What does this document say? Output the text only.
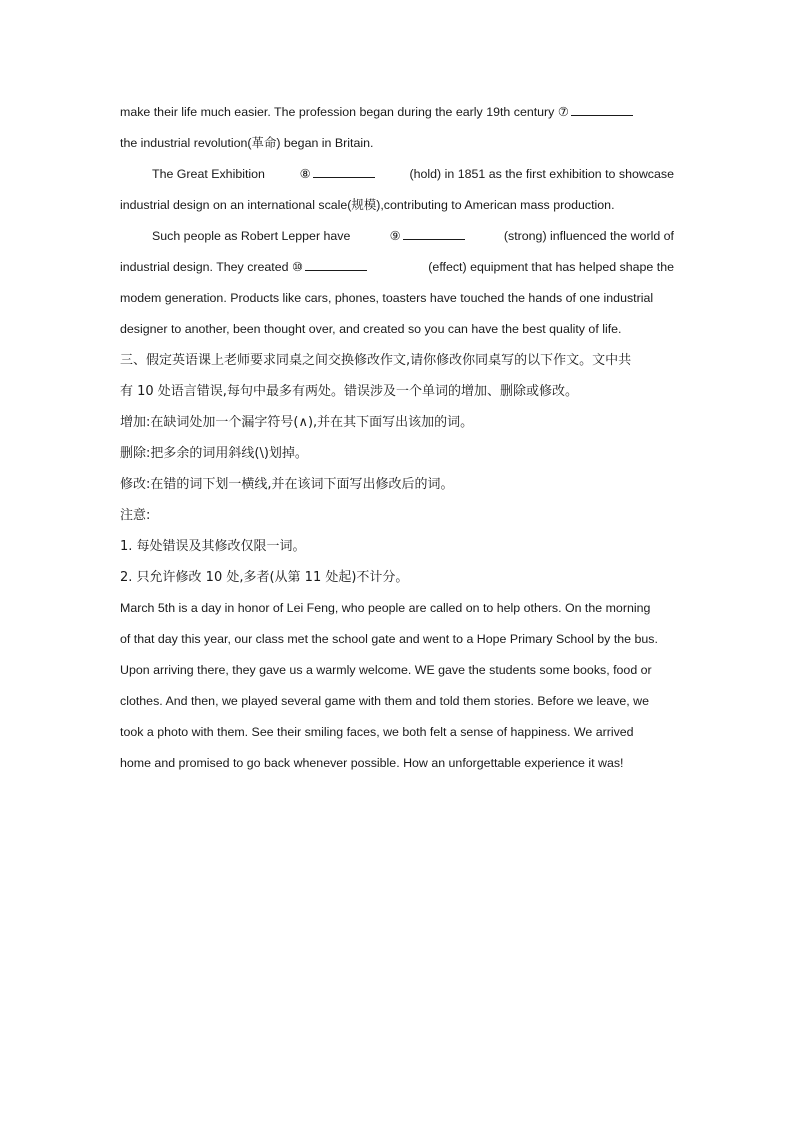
make their life much easier. The profession began during the early 19th century ⑦
the industrial revolution(革命) began in Britain.
The Great Exhibition	⑧	(hold) in 1851 as the first exhibition to showcase
industrial design on an international scale(规模),contributing to American mass production.
Such people as Robert Lepper have	⑨	(strong) influenced the world of
industrial design. They created ⑩	(effect) equipment that has helped shape the
modem generation. Products like cars, phones, toasters have touched the hands of one industrial
designer to another, been thought over, and created so you can have the best quality of life.
三、假定英语课上老师要求同桌之间交换修改作文,请你修改你同桌写的以下作文。文中共
有 10 处语言错误,每句中最多有两处。错误涉及一个单词的增加、删除或修改。
增加:在缺词处加一个漏字符号(∧),并在其下面写出该加的词。
删除:把多余的词用斜线(\)划掉。
修改:在错的词下划一横线,并在该词下面写出修改后的词。
注意:
1. 每处错误及其修改仅限一词。
2. 只允许修改 10 处,多者(从第 11 处起)不计分。
March 5th is a day in honor of Lei Feng, who people are called on to help others. On the morning
of that day this year, our class met the school gate and went to a Hope Primary School by the bus.
Upon arriving there, they gave us a warmly welcome. WE gave the students some books, food or
clothes. And then, we played several game with them and told them stories. Before we leave, we
took a photo with them. See their smiling faces, we both felt a sense of happiness. We arrived
home and promised to go back whenever possible. How an unforgettable experience it was!
